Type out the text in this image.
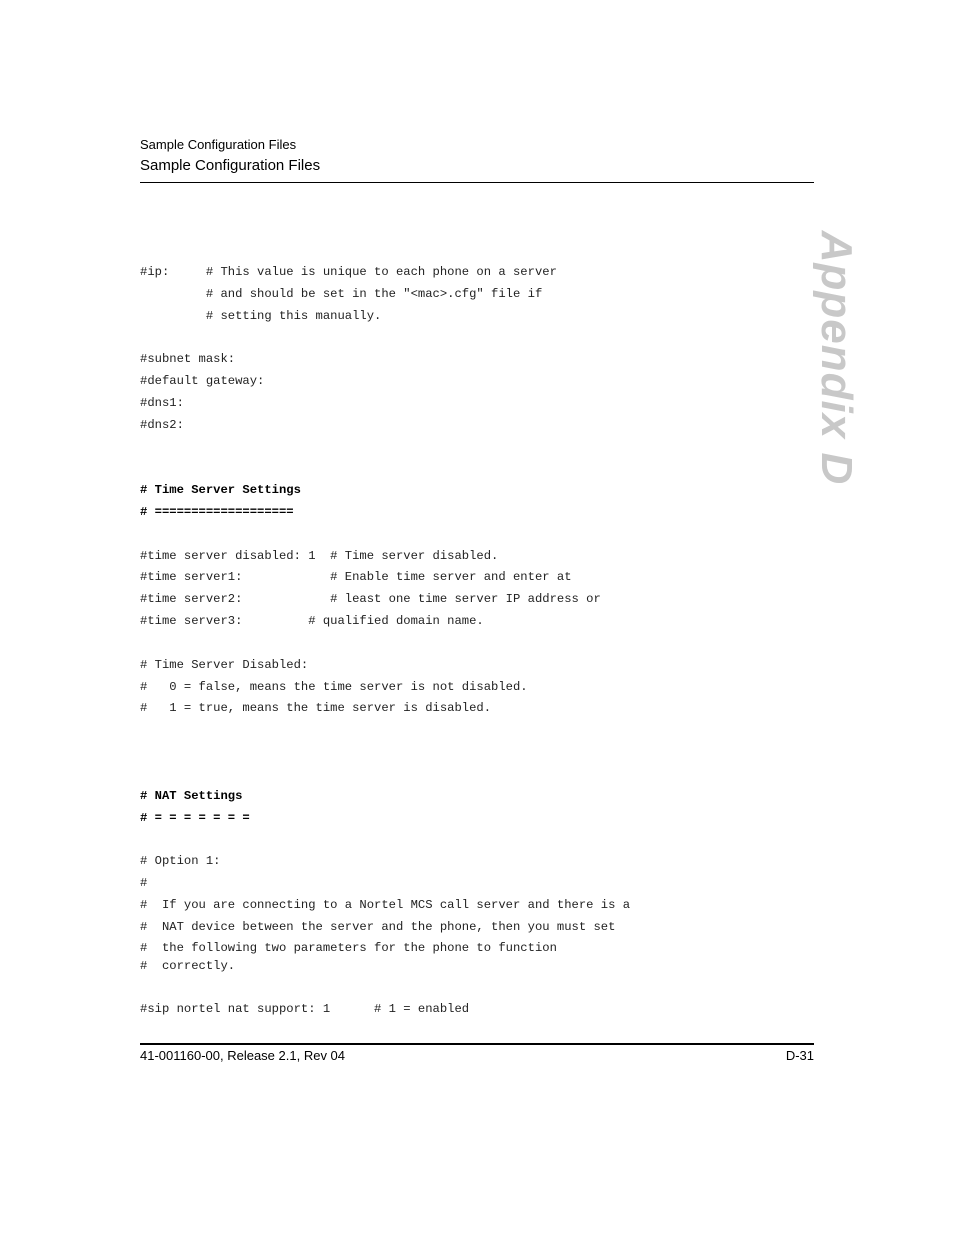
Sample Configuration Files
Sample Configuration Files
Appendix D
#ip:     # This value is unique to each phone on a server
# and should be set in the "<mac>.cfg" file if
# setting this manually.
#subnet mask:
#default gateway:
#dns1:
#dns2:
# Time Server Settings
# ===================
#time server disabled: 1  # Time server disabled.
#time server1:            # Enable time server and enter at
#time server2:            # least one time server IP address or
#time server3:         # qualified domain name.
# Time Server Disabled:
#   0 = false, means the time server is not disabled.
#   1 = true, means the time server is disabled.
# NAT Settings
# = = = = = = =
# Option 1:
#
#  If you are connecting to a Nortel MCS call server and there is a
#  NAT device between the server and the phone, then you must set
#  the following two parameters for the phone to function
#  correctly.
#sip nortel nat support: 1      # 1 = enabled
41-001160-00, Release 2.1, Rev 04	D-31
